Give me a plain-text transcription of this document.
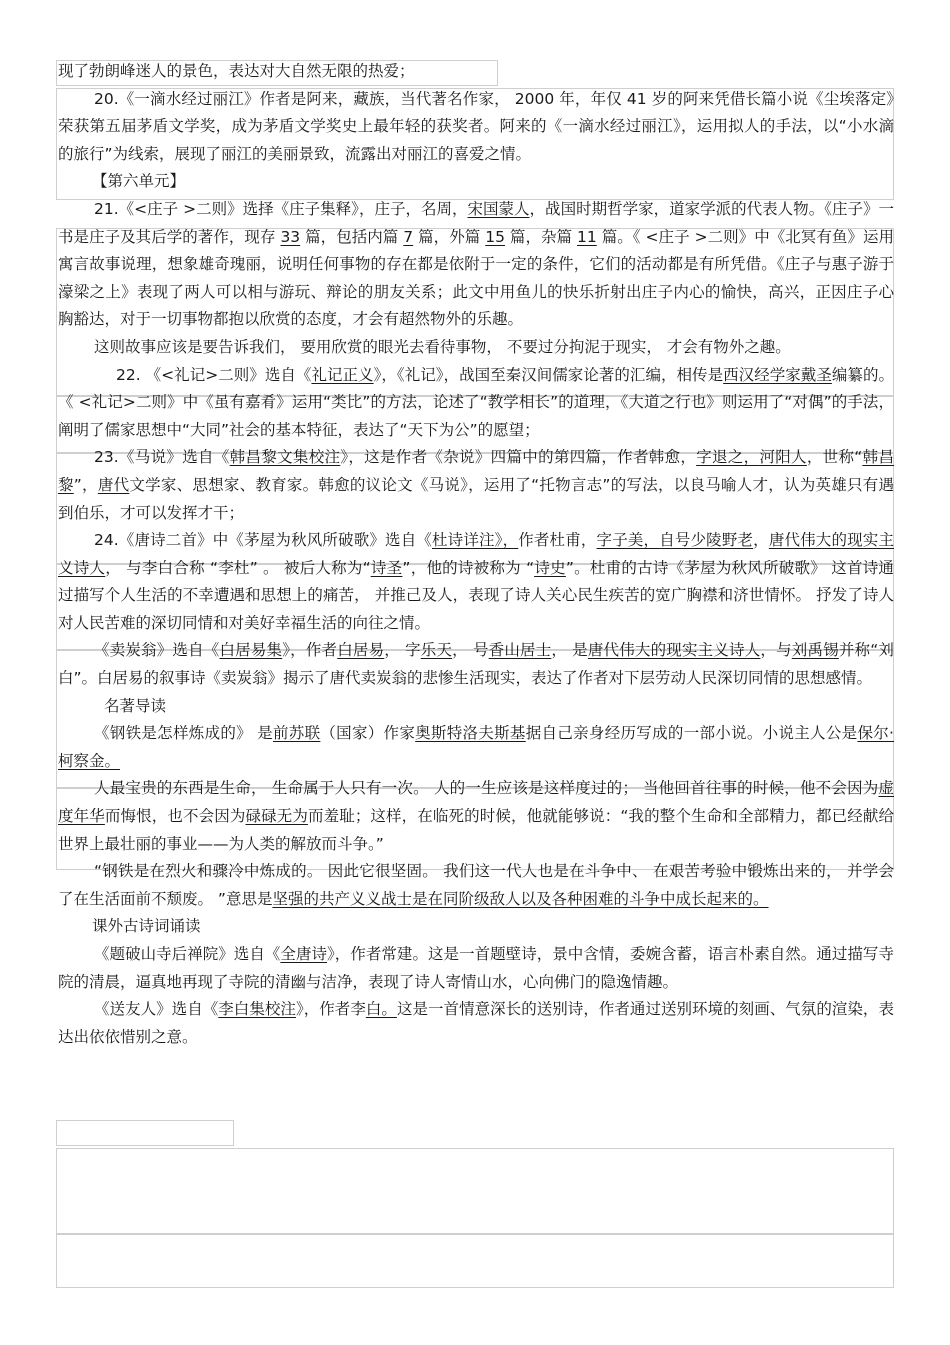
现了勃朗峰迷人的景色，表达对大自然无限的热爱；

20.《一滴水经过丽江》作者是阿来，藏族，当代著名作家， 2000 年，年仅 41 岁的阿来凭借长篇小说《尘埃落定》荣获第五届茅盾文学奖，成为茅盾文学奖史上最年轻的获奖者。阿来的《一滴水经过丽江》，运用拟人的手法，以“小水滴的旅行”为线索，展现了丽江的美丽景致，流露出对丽江的喜爱之情。

【第六单元】

21.《<庄子 >二则》选择《庄子集释》，庄子，名周，宋国蒙人，战国时期哲学家，道家学派的代表人物。《庄子》一书是庄子及其后学的著作，现存 33 篇，包括内篇 7 篇，外篇 15 篇，杂篇 11 篇。《 <庄子 >二则》中《北冥有鱼》运用寓言故事说理，想象雄奇瑰丽，说明任何事物的存在都是依附于一定的条件，它们的活动都是有所凭借。《庄子与惠子游于濠梁之上》表现了两人可以相与游玩、辩论的朋友关系；此文中用鱼儿的快乐折射出庄子内心的愉快，高兴，正因庄子心胸豁达，对于一切事物都抱以欣赏的态度，才会有超然物外的乐趣。

这则故事应该是要告诉我们， 要用欣赏的眼光去看待事物， 不要过分拘泥于现实， 才会有物外之趣。

22. 《<礼记>二则》选自《礼记正义》，《礼记》，战国至秦汉间儒家论著的汇编，相传是西汉经学家戴圣编纂的。《 <礼记>二则》中《虽有嘉肴》运用“类比”的方法，论述了“教学相长”的道理，《大道之行也》则运用了“对偶”的手法，阐明了儒家思想中“大同”社会的基本特征，表达了“天下为公”的愿望；

23.《马说》选自《韩昌黎文集校注》，这是作者《杂说》四篇中的第四篇，作者韩愈，字退之，河阳人，世称“韩昌黎”，唐代文学家、思想家、教育家。韩愈的议论文《马说》，运用了“托物言志”的写法，以良马喻人才，认为英雄只有遇到伯乐，才可以发挥才干；

24.《唐诗二首》中《茅屋为秋风所破歌》选自《杜诗详注》，作者杜甫，字子美，自号少陵野老，唐代伟大的现实主义诗人， 与李白合称 “李杜” 。 被后人称为“诗圣”，他的诗被称为 “诗史”。杜甫的古诗《茅屋为秋风所破歌》 这首诗通过描写个人生活的不幸遭遇和思想上的痛苦， 并推己及人，表现了诗人关心民生疾苦的宽广胸襟和济世情怀。 抒发了诗人对人民苦难的深切同情和对美好幸福生活的向往之情。

《卖炭翁》选自《白居易集》，作者白居易， 字乐天， 号香山居士， 是唐代伟大的现实主义诗人，与刘禹锡并称“刘白”。白居易的叙事诗《卖炭翁》揭示了唐代卖炭翁的悲惨生活现实，表达了作者对下层劳动人民深切同情的思想感情。

名著导读

《钢铁是怎样炼成的》 是前苏联（国家）作家奥斯特洛夫斯基据自己亲身经历写成的一部小说。小说主人公是保尔· 柯察金。

人最宝贵的东西是生命， 生命属于人只有一次。 人的一生应该是这样度过的； 当他回首往事的时候，他不会因为虚度年华而悔恨，也不会因为碌碌无为而羞耻；这样，在临死的时候，他就能够说：“我的整个生命和全部精力，都已经献给世界上最壮丽的事业——为人类的解放而斗争。”

“钢铁是在烈火和骤冷中炼成的。 因此它很坚固。 我们这一代人也是在斗争中、 在艰苦考验中锻炼出来的， 并学会了在生活面前不颓废。 ”意思是坚强的共产义义战士是在同阶级敌人以及各种困难的斗争中成长起来的。

课外古诗词诵读

《题破山寺后禅院》选自《全唐诗》，作者常建。这是一首题壁诗，景中含情，委婉含蓄，语言朴素自然。通过描写寺院的清晨，逼真地再现了寺院的清幽与洁净，表现了诗人寄情山水，心向佛门的隐逸情趣。

《送友人》选自《李白集校注》，作者李白。这是一首情意深长的送别诗，作者通过送别环境的刻画、气氛的渲染，表达出依依惜别之意。
